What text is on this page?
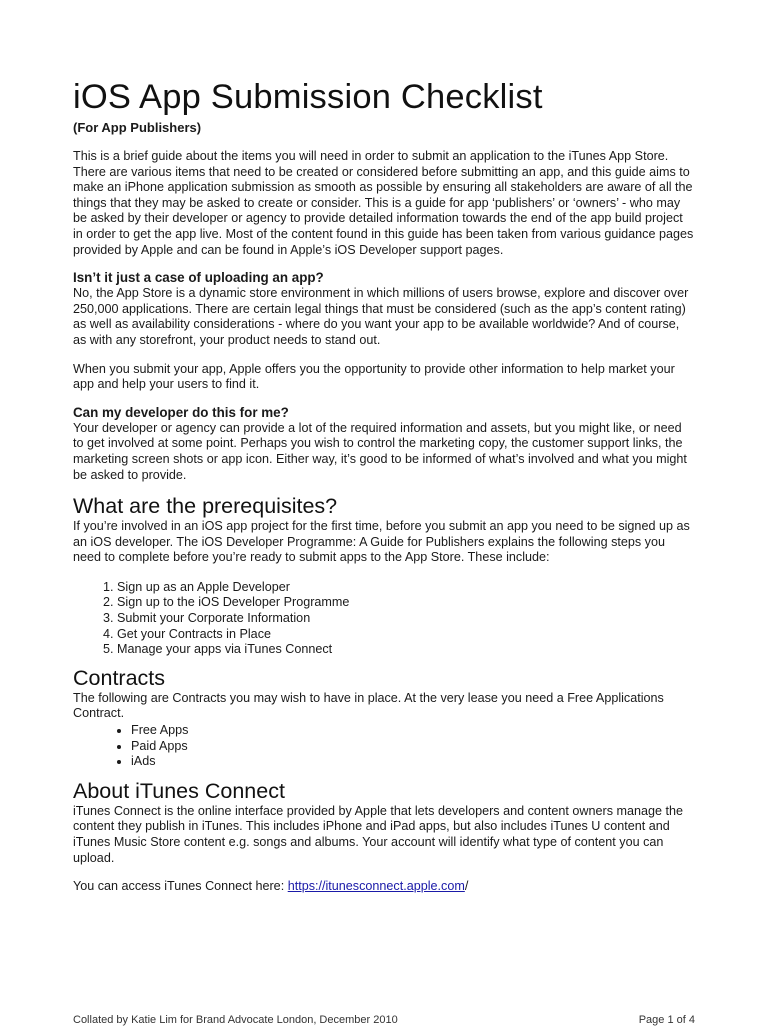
iOS App Submission Checklist
(For App Publishers)

This is a brief guide about the items you will need in order to submit an application to the iTunes App Store. There are various items that need to be created or considered before submitting an app, and this guide aims to make an iPhone application submission as smooth as possible by ensuring all stakeholders are aware of all the things that they may be asked to create or consider. This is a guide for app ‘publishers’ or ‘owners’ - who may be asked by their developer or agency to provide detailed information towards the end of the app build project in order to get the app live. Most of the content found in this guide has been taken from various guidance pages provided by Apple and can be found in Apple’s iOS Developer support pages.

Isn’t it just a case of uploading an app?

No, the App Store is a dynamic store environment in which millions of users browse, explore and discover over 250,000 applications. There are certain legal things that must be considered (such as the app’s content rating) as well as availability considerations - where do you want your app to be available worldwide? And of course, as with any storefront, your product needs to stand out.

When you submit your app, Apple offers you the opportunity to provide other information to help market your app and help your users to find it.

Can my developer do this for me?

Your developer or agency can provide a lot of the required information and assets, but you might like, or need to get involved at some point. Perhaps you wish to control the marketing copy, the customer support links, the marketing screen shots or app icon. Either way, it’s good to be informed of what’s involved and what you might be asked to provide.

What are the prerequisites?

If you’re involved in an iOS app project for the first time, before you submit an app you need to be signed up as an iOS developer. The iOS Developer Programme: A Guide for Publishers explains the following steps you need to complete before you’re ready to submit apps to the App Store. These include:

1. Sign up as an Apple Developer
2. Sign up to the iOS Developer Programme
3. Submit your Corporate Information
4. Get your Contracts in Place
5. Manage your apps via iTunes Connect
Contracts

The following are Contracts you may wish to have in place. At the very lease you need a Free Applications Contract.

• Free Apps
• Paid Apps
• iAds
About iTunes Connect

iTunes Connect is the online interface provided by Apple that lets developers and content owners manage the content they publish in iTunes. This includes iPhone and iPad apps, but also includes iTunes U content and iTunes Music Store content e.g. songs and albums. Your account will identify what type of content you can upload.

You can access iTunes Connect here: https://itunesconnect.apple.com/

Collated by Katie Lim for Brand Advocate London, December 2010	Page 1 of 4
